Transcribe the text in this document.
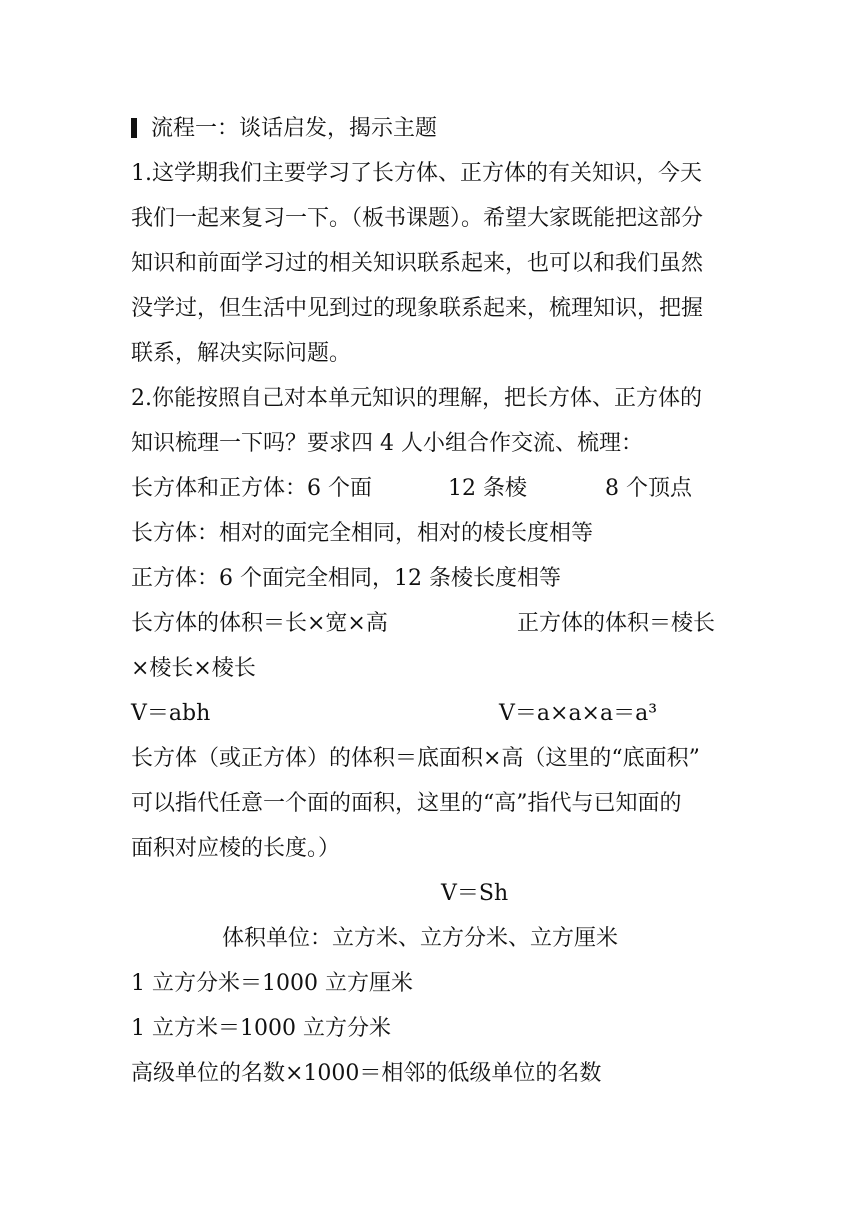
流程一：谈话启发，揭示主题
1.这学期我们主要学习了长方体、正方体的有关知识，今天
我们一起来复习一下。（板书课题）。希望大家既能把这部分
知识和前面学习过的相关知识联系起来，也可以和我们虽然
没学过，但生活中见到过的现象联系起来，梳理知识，把握
联系，解决实际问题。
2.你能按照自己对本单元知识的理解，把长方体、正方体的
知识梳理一下吗？要求四 4 人小组合作交流、梳理：
长方体和正方体：6 个面	12 条棱	8 个顶点
长方体：相对的面完全相同，相对的棱长度相等
正方体：6 个面完全相同，12 条棱长度相等
长方体的体积＝长×宽×高	正方体的体积＝棱长
×棱长×棱长
V＝abh	V＝a×a×a＝a³
长方体（或正方体）的体积＝底面积×高（这里的“底面积”
可以指代任意一个面的面积，这里的“高”指代与已知面的
面积对应棱的长度。）
V＝Sh
体积单位：立方米、立方分米、立方厘米
1 立方分米＝1000 立方厘米
1 立方米＝1000 立方分米
高级单位的名数×1000＝相邻的低级单位的名数
